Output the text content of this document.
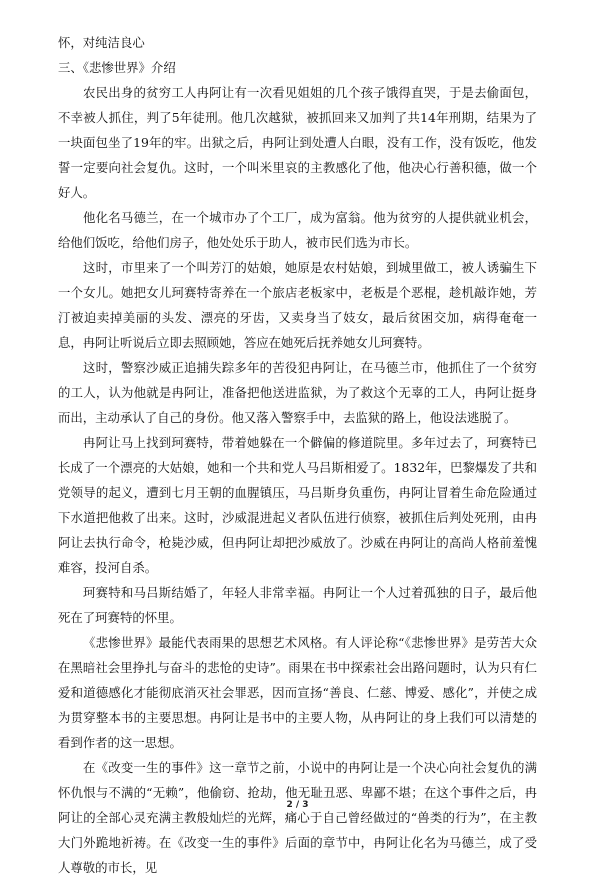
怀，对纯洁良心

三、《悲惨世界》介绍

农民出身的贫穷工人冉阿让有一次看见姐姐的几个孩子饿得直哭，于是去偷面包，不幸被人抓住，判了5年徒刑。他几次越狱，被抓回来又加判了共14年刑期，结果为了一块面包坐了19年的牢。出狱之后，冉阿让到处遭人白眼，没有工作，没有饭吃，他发誓一定要向社会复仇。这时，一个叫米里哀的主教感化了他，他决心行善积德，做一个好人。

他化名马德兰，在一个城市办了个工厂，成为富翁。他为贫穷的人提供就业机会，给他们饭吃，给他们房子，他处处乐于助人，被市民们选为市长。

这时，市里来了一个叫芳汀的姑娘，她原是农村姑娘，到城里做工，被人诱骗生下一个女儿。她把女儿珂赛特寄养在一个旅店老板家中，老板是个恶棍，趁机敲诈她，芳汀被迫卖掉美丽的头发、漂亮的牙齿，又卖身当了妓女，最后贫困交加，病得奄奄一息，冉阿让听说后立即去照顾她，答应在她死后抚养她女儿珂赛特。

这时，警察沙威正追捕失踪多年的苦役犯冉阿让，在马德兰市，他抓住了一个贫穷的工人，认为他就是冉阿让，准备把他送进监狱，为了救这个无辜的工人，冉阿让挺身而出，主动承认了自己的身份。他又落入警察手中，去监狱的路上，他设法逃脱了。

冉阿让马上找到珂赛特，带着她躲在一个僻偏的修道院里。多年过去了，珂赛特已长成了一个漂亮的大姑娘，她和一个共和党人马吕斯相爱了。1832年，巴黎爆发了共和党领导的起义，遭到七月王朝的血腥镇压，马吕斯身负重伤，冉阿让冒着生命危险通过下水道把他救了出来。这时，沙威混进起义者队伍进行侦察，被抓住后判处死刑，由冉阿让去执行命令，枪毙沙威，但冉阿让却把沙威放了。沙威在冉阿让的高尚人格前羞愧难容，投河自杀。

珂赛特和马吕斯结婚了，年轻人非常幸福。冉阿让一个人过着孤独的日子，最后他死在了珂赛特的怀里。

《悲惨世界》最能代表雨果的思想艺术风格。有人评论称“《悲惨世界》是劳苦大众在黑暗社会里挣扎与奋斗的悲怆的史诗”。雨果在书中探索社会出路问题时，认为只有仁爱和道德感化才能彻底消灭社会罪恶，因而宣扬“善良、仁慈、博爱、感化”，并使之成为贯穿整本书的主要思想。冉阿让是书中的主要人物，从冉阿让的身上我们可以清楚的看到作者的这一思想。

在《改变一生的事件》这一章节之前，小说中的冉阿让是一个决心向社会复仇的满怀仇恨与不满的“无赖”，他偷窃、抢劫，他无耻丑恶、卑鄙不堪；在这个事件之后，冉阿让的全部心灵充满主教般灿烂的光辉，痛心于自己曾经做过的“兽类的行为”，在主教大门外跪地祈祷。在《改变一生的事件》后面的章节中，冉阿让化名为马德兰，成了受人尊敬的市长，见

2 / 3
